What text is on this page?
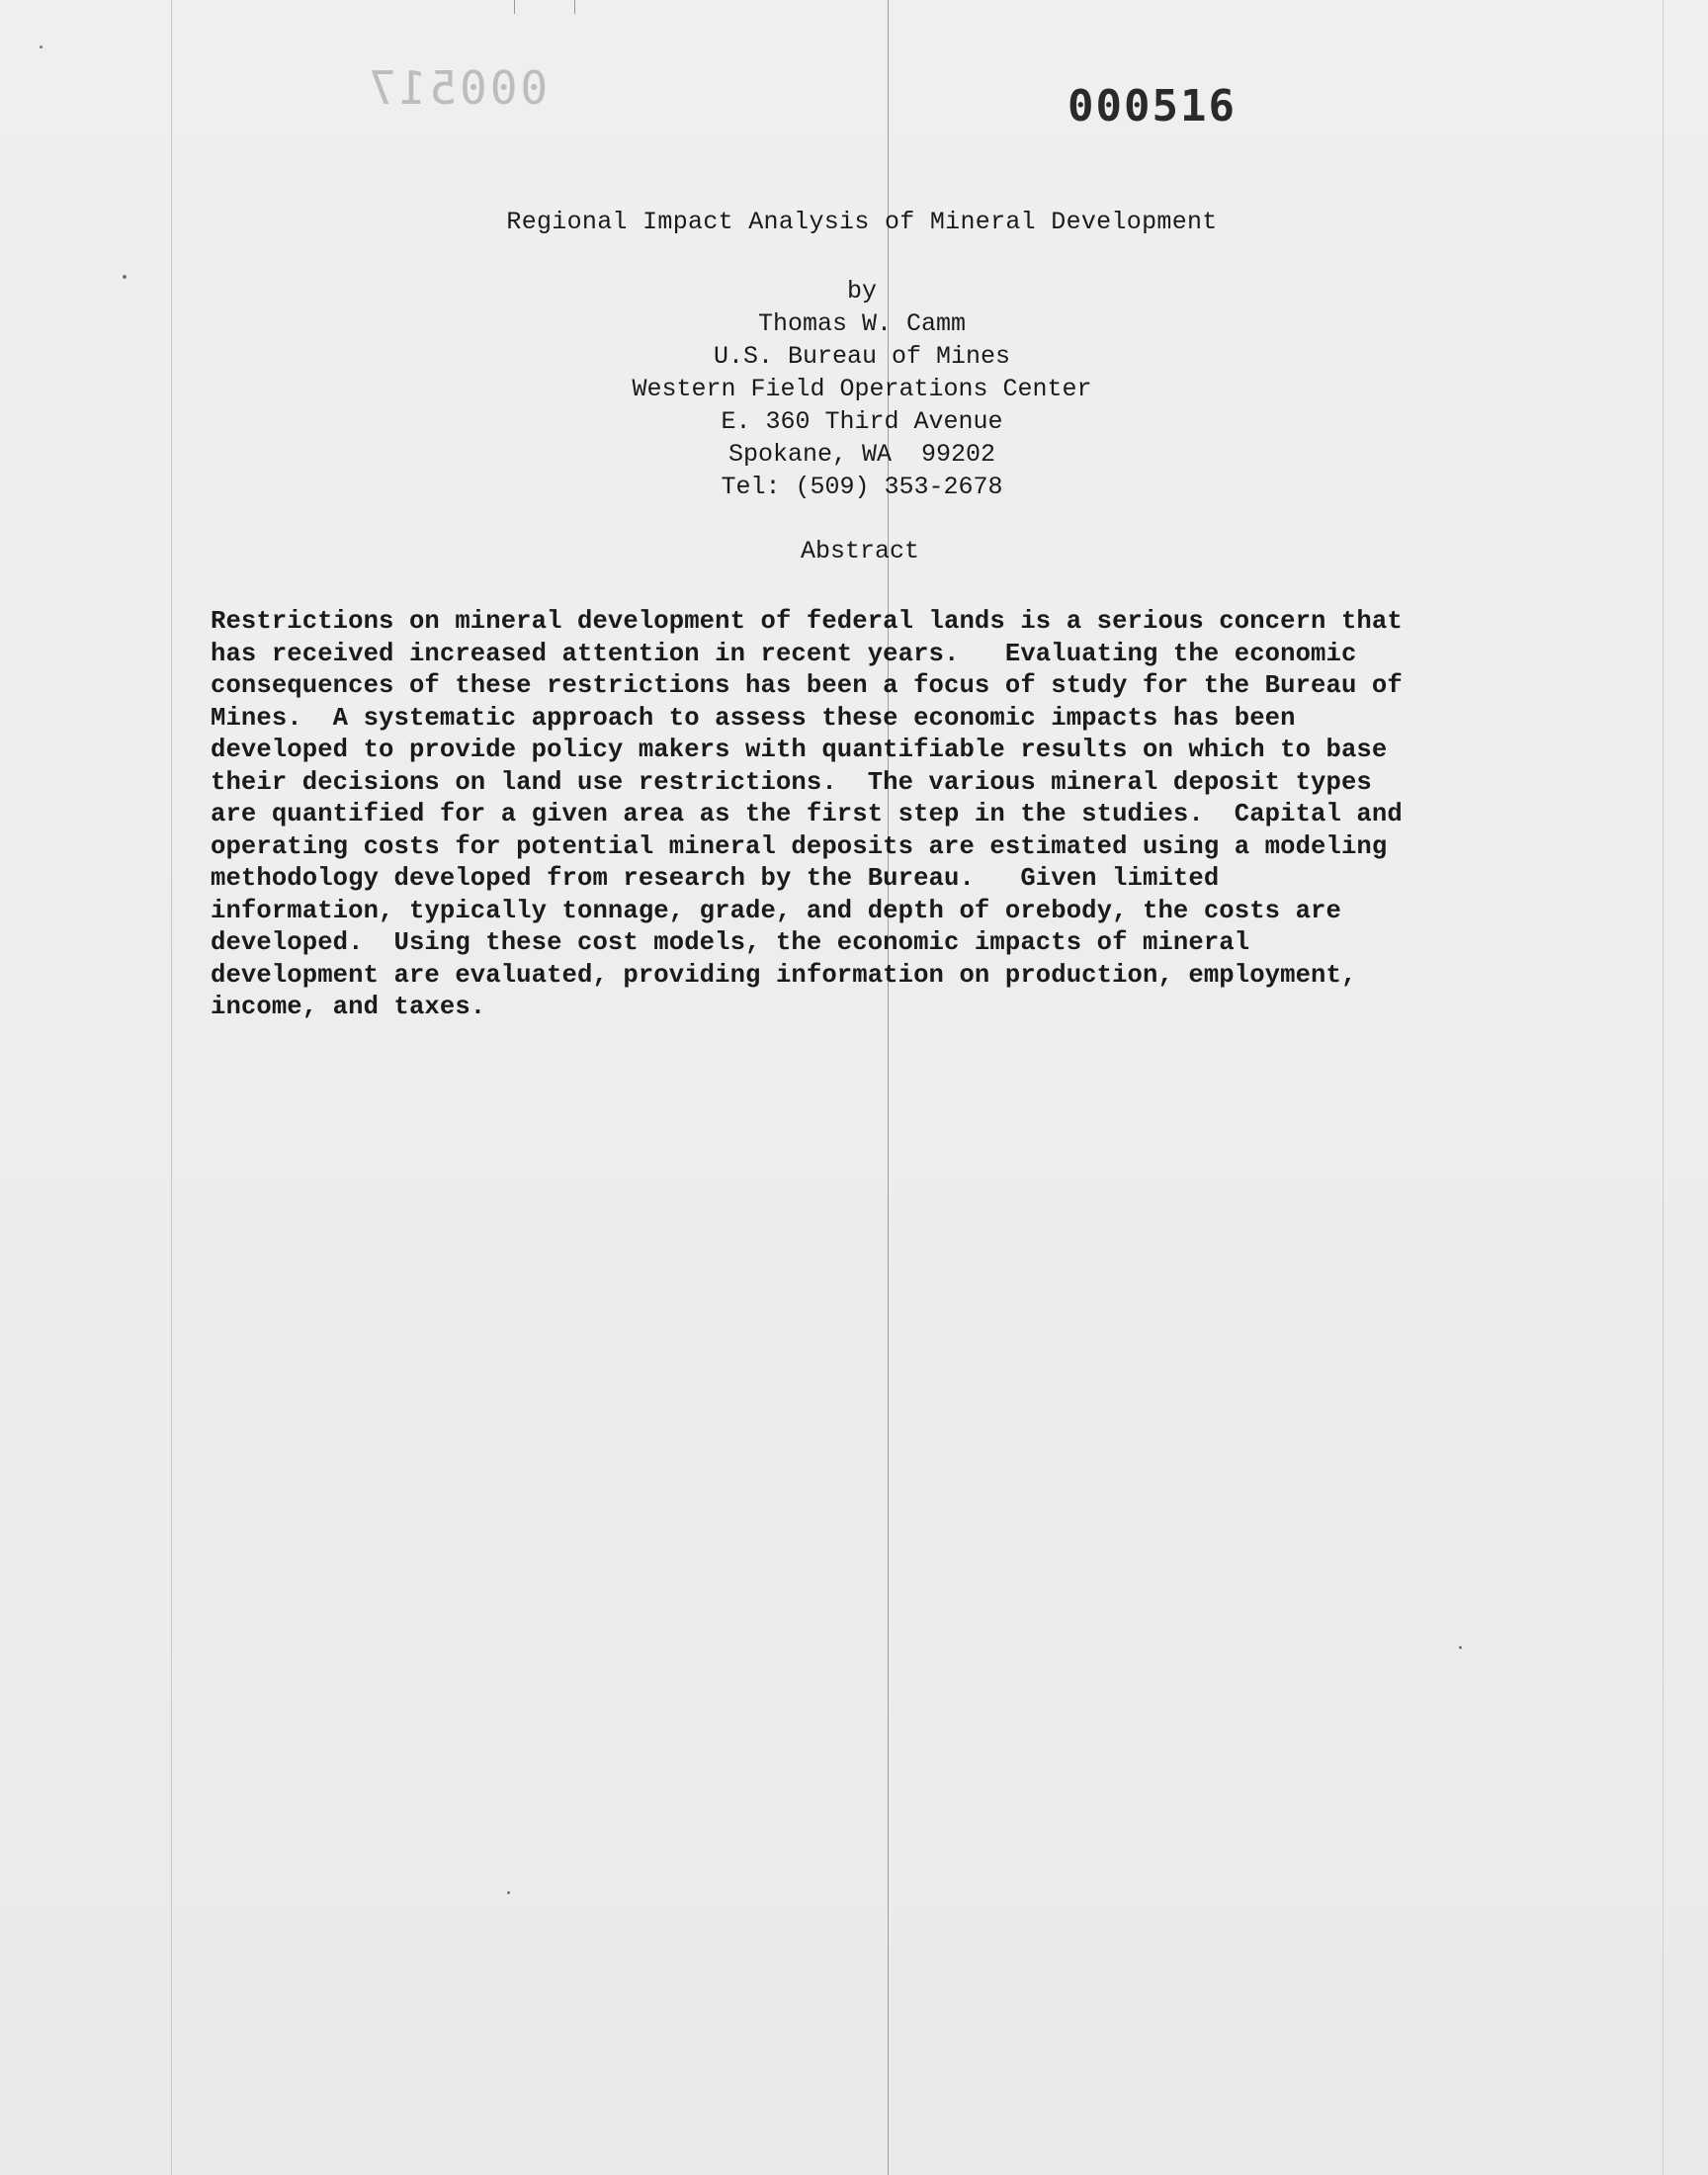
000517	000516
Regional Impact Analysis of Mineral Development
by
Thomas W. Camm
U.S. Bureau of Mines
Western Field Operations Center
E. 360 Third Avenue
Spokane, WA  99202
Tel: (509) 353-2678
Abstract
Restrictions on mineral development of federal lands is a serious concern that
has received increased attention in recent years.   Evaluating the economic
consequences of these restrictions has been a focus of study for the Bureau of
Mines.  A systematic approach to assess these economic impacts has been
developed to provide policy makers with quantifiable results on which to base
their decisions on land use restrictions.  The various mineral deposit types
are quantified for a given area as the first step in the studies.  Capital and
operating costs for potential mineral deposits are estimated using a modeling
methodology developed from research by the Bureau.   Given limited
information, typically tonnage, grade, and depth of orebody, the costs are
developed.  Using these cost models, the economic impacts of mineral
development are evaluated, providing information on production, employment,
income, and taxes.
